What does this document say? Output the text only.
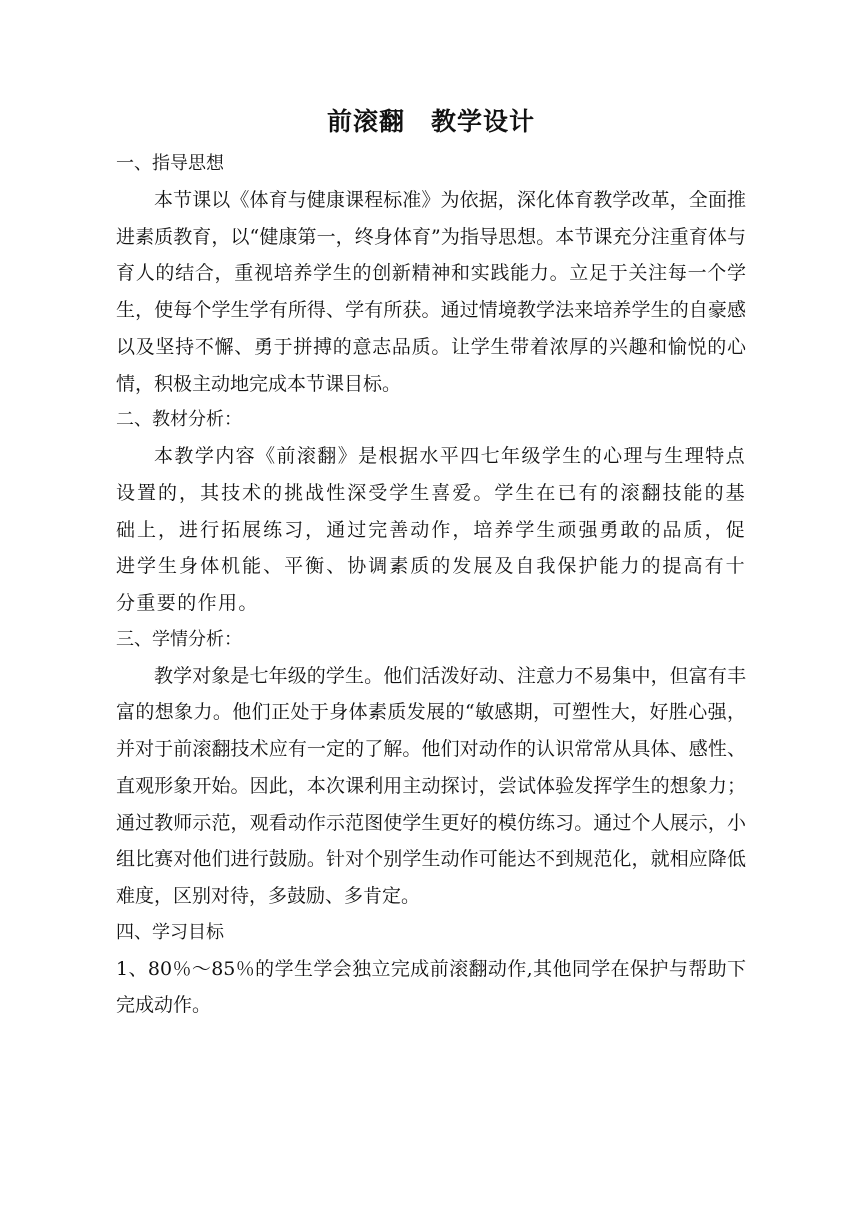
前滚翻　教学设计

一、指导思想

本节课以《体育与健康课程标准》为依据，深化体育教学改革，全面推进素质教育，以“健康第一，终身体育”为指导思想。本节课充分注重育体与育人的结合，重视培养学生的创新精神和实践能力。立足于关注每一个学生，使每个学生学有所得、学有所获。通过情境教学法来培养学生的自豪感以及坚持不懈、勇于拼搏的意志品质。让学生带着浓厚的兴趣和愉悦的心情，积极主动地完成本节课目标。

二、教材分析：

本教学内容《前滚翻》是根据水平四七年级学生的心理与生理特点设置的，其技术的挑战性深受学生喜爱。学生在已有的滚翻技能的基础上，进行拓展练习，通过完善动作，培养学生顽强勇敢的品质，促进学生身体机能、平衡、协调素质的发展及自我保护能力的提高有十分重要的作用。

三、学情分析：

教学对象是七年级的学生。他们活泼好动、注意力不易集中，但富有丰富的想象力。他们正处于身体素质发展的“敏感期，可塑性大，好胜心强，并对于前滚翻技术应有一定的了解。他们对动作的认识常常从具体、感性、直观形象开始。因此，本次课利用主动探讨，尝试体验发挥学生的想象力；通过教师示范，观看动作示范图使学生更好的模仿练习。通过个人展示，小组比赛对他们进行鼓励。针对个别学生动作可能达不到规范化，就相应降低难度，区别对待，多鼓励、多肯定。

四、学习目标

1、80％～85％的学生学会独立完成前滚翻动作,其他同学在保护与帮助下完成动作。
